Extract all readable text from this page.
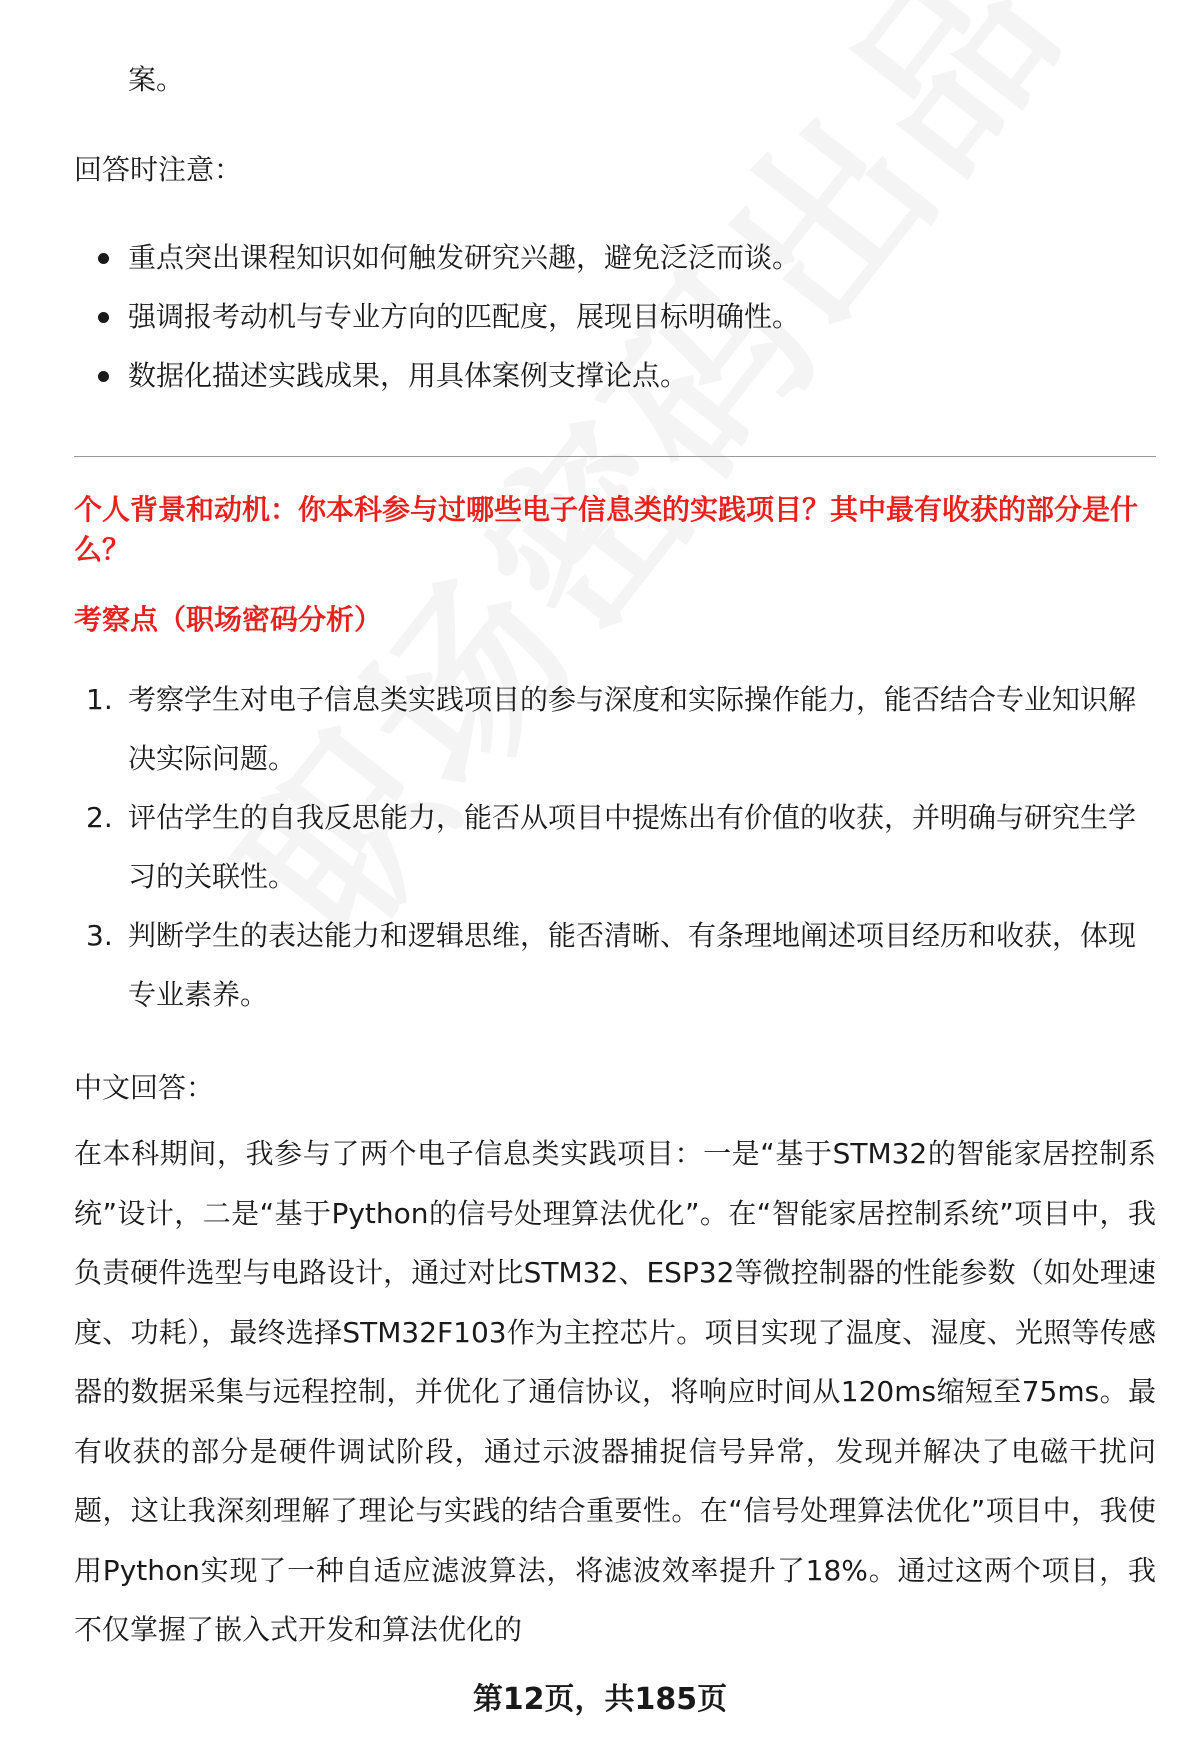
案。
回答时注意：
重点突出课程知识如何触发研究兴趣，避免泛泛而谈。
强调报考动机与专业方向的匹配度，展现目标明确性。
数据化描述实践成果，用具体案例支撑论点。
个人背景和动机：你本科参与过哪些电子信息类的实践项目？其中最有收获的部分是什么？
考察点（职场密码分析）
1. 考察学生对电子信息类实践项目的参与深度和实际操作能力，能否结合专业知识解决实际问题。
2. 评估学生的自我反思能力，能否从项目中提炼出有价值的收获，并明确与研究生学习的关联性。
3. 判断学生的表达能力和逻辑思维，能否清晰、有条理地阐述项目经历和收获，体现专业素养。
中文回答：
在本科期间，我参与了两个电子信息类实践项目：一是“基于STM32的智能家居控制系统”设计，二是“基于Python的信号处理算法优化”。在“智能家居控制系统”项目中，我负责硬件选型与电路设计，通过对比STM32、ESP32等微控制器的性能参数（如处理速度、功耗），最终选择STM32F103作为主控芯片。项目实现了温度、湿度、光照等传感器的数据采集与远程控制，并优化了通信协议，将响应时间从120ms缩短至75ms。最有收获的部分是硬件调试阶段，通过示波器捕捉信号异常，发现并解决了电磁干扰问题，这让我深刻理解了理论与实践的结合重要性。在“信号处理算法优化”项目中，我使用Python实现了一种自适应滤波算法，将滤波效率提升了18%。通过这两个项目，我不仅掌握了嵌入式开发和算法优化的
第12页，共185页
